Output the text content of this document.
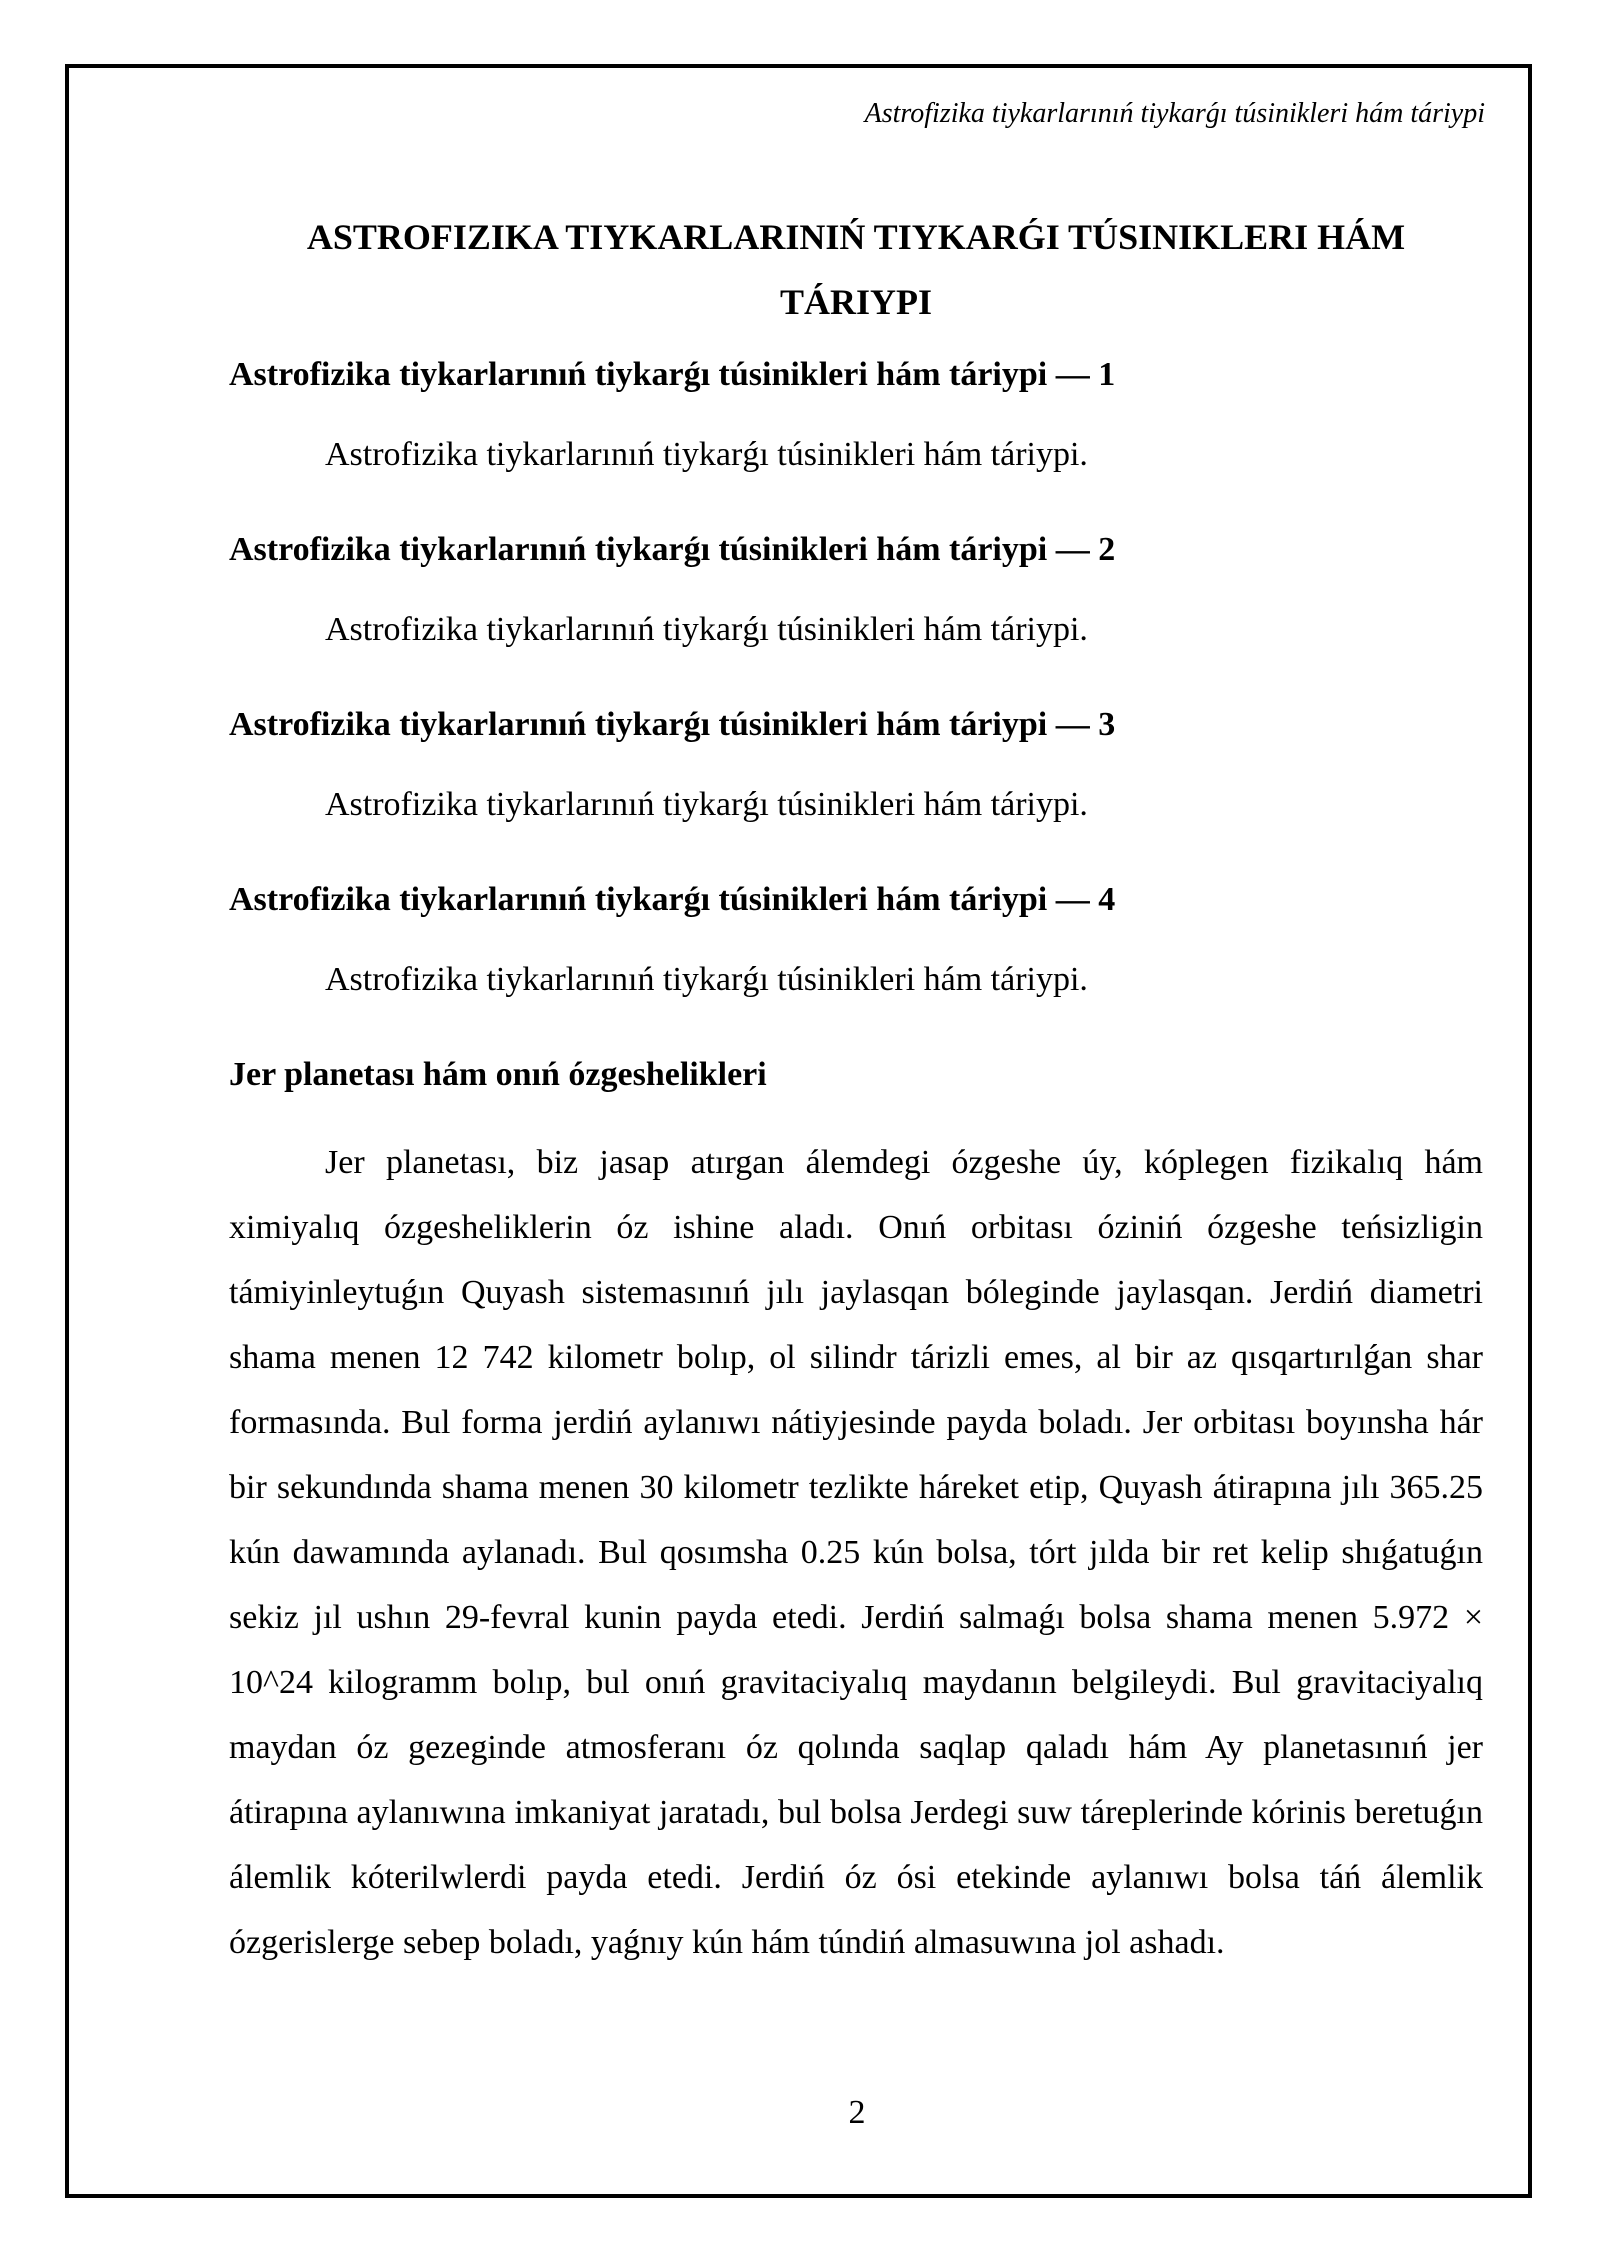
Astrofizika tiykarlarınıń tiykarǵı túsinikleri hám táriypi
ASTROFIZIKA TIYKARLARINIŃ TIYKARǴI TÚSINIKLERI HÁM TÁRIYPI

Astrofizika tiykarlarınıń tiykarǵı túsinikleri hám táriypi — 1

Astrofizika tiykarlarınıń tiykarǵı túsinikleri hám táriypi.

Astrofizika tiykarlarınıń tiykarǵı túsinikleri hám táriypi — 2

Astrofizika tiykarlarınıń tiykarǵı túsinikleri hám táriypi.

Astrofizika tiykarlarınıń tiykarǵı túsinikleri hám táriypi — 3

Astrofizika tiykarlarınıń tiykarǵı túsinikleri hám táriypi.

Astrofizika tiykarlarınıń tiykarǵı túsinikleri hám táriypi — 4

Astrofizika tiykarlarınıń tiykarǵı túsinikleri hám táriypi.

Jer planetası hám onıń ózgeshelikleri

Jer planetası, biz jasap atırgan álemdegi ózgeshe úy, kóplegen fizikalıq hám ximiyalıq ózgesheliklerin óz ishine aladı. Onıń orbitası óziniń ózgeshe teńsizligin támiyinleytuǵın Quyash sistemasınıń jılı jaylasqan bóleginde jaylasqan. Jerdiń diametri shama menen 12 742 kilometr bolıp, ol silindr tárizli emes, al bir az qısqartırılǵan shar formasında. Bul forma jerdiń aylanıwı nátiyjesinde payda boladı. Jer orbitası boyınsha hár bir sekundında shama menen 30 kilometr tezlikte háreket etip, Quyash átirapına jılı 365.25 kún dawamında aylanadı. Bul qosımsha 0.25 kún bolsa, tórt jılda bir ret kelip shıǵatuǵın sekiz jıl ushın 29-fevral kunin payda etedi. Jerdiń salmaǵı bolsa shama menen 5.972 × 10^24 kilogramm bolıp, bul onıń gravitaciyalıq maydanın belgileydi. Bul gravitaciyalıq maydan óz gezeginde atmosferanı óz qolında saqlap qaladı hám Ay planetasınıń jer átirapına aylanıwına imkaniyat jaratadı, bul bolsa Jerdegi suw táreplerinde kórinis beretuǵın álemlik kóterilwlerdi payda etedi. Jerdiń óz ósi etekinde aylanıwı bolsa táń álemlik ózgerislerge sebep boladı, yaǵnıy kún hám túndiń almasuwına jol ashadı.

2
